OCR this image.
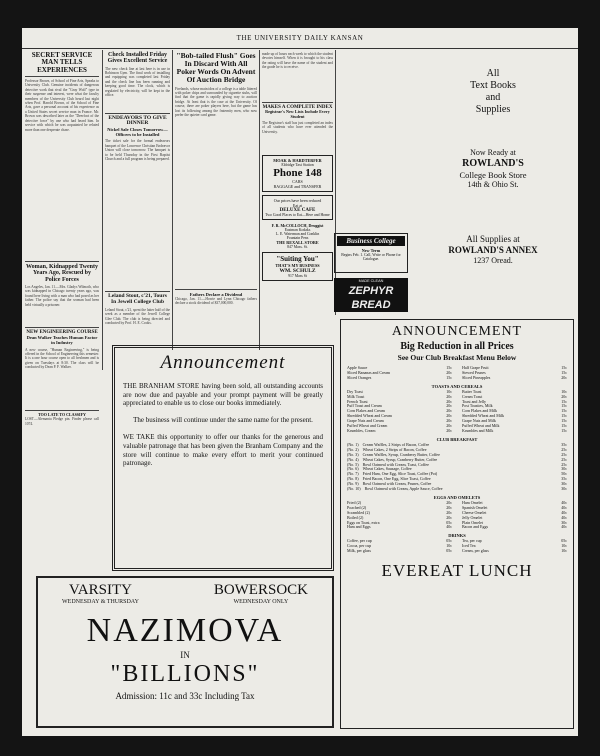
THE UNIVERSITY DAILY KANSAN
SECRET SERVICE MAN TELLS EXPERIENCES
Professor Brown, of School of Fine Arts, Speaks to University Club. Genuine incidents of dangerous detective work that rival the "Gray Wolf" type in their suspense and interest, were what the faculty members of the University Club heard last night when Prof. Harold Brown, of the School of Fine Arts, gave a personal account of his experience as a United States secret service man in France. Mr. Brown was described later as the "Deerfoot of the detective force" by one who had heard him. In service with which he was acquainted he related more than one desperate chase.
Woman, Kidnapped Twenty Years Ago, Rescued by Police Forces
Los Angeles, Jan. 11.—Mrs. Gladys Wilmoth, who was kidnapped in Chicago twenty years ago, was found here living with a man who had posed as her father. The police say that the woman had been held virtually a prisoner.
NEW ENGINEERING COURSE
Dean Walker Teaches Human Factor in Industry
A new course, "Human Engineering," is being offered in the School of Engineering this semester. It is a one hour course open to all freshmen and is given on Tuesdays at 8:30. The class will be conducted by Dean P. F. Walker.
TOO LATE TO CLASSIFY
LOST—Alemania Pledge pin. Finder please call 1074.
Check Installed Friday Gives Excellent Service
The new check line at last here is in use in Robinson Gym. The final work of installing and equipping was completed last Friday and the check line has been running and keeping good time. The clock, which is regulated by electricity, will be kept in the office.
ENDEAVORS TO GIVE DINNER
Nickel Sale Closes Tomorrow—Officers to be Installed
The ticket sale for the formal endeavors banquet of the Lawrence Christian Endeavor Union will close tomorrow. The banquet is to be held Thursday in the First Baptist Church and a full program is being prepared.
Leland Stout, c'21, Tours In Jewell College Club
Leland Stout, c'21, spent the latter half of the week as a member of the Jewell College Glee Club. The club is being directed and conducted by Prof. H. E. Cooks.
"Bob-tailed Flush" Goes In Discard With All Poker Words On Advent Of Auction Bridge
Firelands, whose main idea of a college is a table littered with poker chips and surrounded by cigarette stubs, will find that the game is rapidly giving way to auction bridge. At least that is the case at the University. Of course, there are poker players here, but the game has lost its following among the fraternity men, who now prefer the quieter card game.
Fathers Declare a Dividend
Chicago, Jan. 11.—Howie and Lynn Chicago fathers declare a stock dividend of $37,000,000.
made up of hours each week to which the student devotes himself. When it is brought to his class the rating will have the name of the student and the grade he is to receive.
MAKES A COMPLETE INDEX
Registrar's New Lists Include Every Student
The Registrar's staff has just completed an index of all students who have ever attended the University.
MOAK & HARDTERFER
Eldridge Taxi Station
Phone 148
CARS
BAGGAGE and TRANSFER
Our prices have been reduced
Eat at
DELUXE CAFE
Two Good Places to Eat—Here and Home
F. R. McCOLLOCH, Druggist
Eastman Kodaks
L. E. Waterman and Conklin
Fountain Pens
THE REXALL STORE
847 Mass. St.
"Suiting You"
THAT'S MY BUSINESS
WM. SCHULZ
917 Mass St
Business College
New Term
Begins Feb. 1. Call, Write or Phone for Catalogue.
MADE CLEAN
ZEPHYR BREAD
GOLD CLEAN
All
Text Books
and
Supplies
Now Ready at
ROWLAND'S
College Book Store
14th & Ohio St.
All Supplies at
ROWLAND'S ANNEX
1237 Oread.
Announcement
THE BRANHAM STORE having been sold, all outstanding accounts are now due and payable and your prompt payment will be greatly appreciated to enable us to close our books immediately.
The business will continue under the same name for the present.
WE TAKE this opportunity to offer our thanks for the generous and valuable patronage that has been given the Branham Company and the store will continue to make every effort to merit your continued patronage.
ANNOUNCEMENT
Big Reduction in all Prices
See Our Club Breakfast Menu Below
Apple Sauce	15c
Sliced Bananas and Cream	20c
Sliced Oranges	15c
Half Grape Fruit	15c
Stewed Prunes	15c
Sliced Pineapples	20c
TOASTS AND CEREALS
Dry Toast	10c
Milk Toast	20c
French Toast	20c
Puff Toast and Cream	20c
Corn Flakes and Cream	20c
Shredded Wheat and Cream	20c
Grape Nuts and Cream	20c
Puffed Wheat and Cream	20c
Krumbles, Cream	20c
Butter Toast	10c
Cream Toast	20c
Toast and Jelly	15c
Post Toasties, Milk	15c
Corn Flakes and Milk	15c
Shredded Wheat and Milk	15c
Grape Nuts and Milk	15c
Puffed Wheat and Milk	15c
Krumbles and Milk	15c
CLUB BREAKFAST
(No. 1)	Cream Waffles, 2 Strips of Bacon, Coffee	35c
(No. 2)	Wheat Cakes, 2 Strips of Bacon, Coffee	25c
(No. 3)	Cream Waffles, Syrup, Cranberry Butter, Coffee	25c
(No. 4)	Wheat Cakes, Syrup, Cranberry Butter, Coffee	25c
(No. 5)	Bowl Oatmeal with Cream, Toast, Coffee	25c
(No. 6)	Wheat Cakes, Sausage, Coffee	30c
(No. 7)	Fried Ham, One Egg, Slice Toast, Coffee (Pot)	50c
(No. 8)	Fried Bacon, One Egg, Slice Toast, Coffee	35c
(No. 9)	Bowl Oatmeal with Cream, Prunes, Coffee	30c
(No. 10)	Bowl Oatmeal with Cream, Apple Sauce, Coffee	30c
EGGS AND OMELETS
Fried (2)	20c
Poached (2)	20c
Scrambled (2)	20c
Boiled (2)	20c
Eggs on Toast, extra	05c
Ham and Eggs	40c
Ham Omelet	40c
Spanish Omelet	40c
Cheese Omelet	40c
Jelly Omelet	40c
Plain Omelet	30c
Bacon and Eggs	40c
DRINKS
Coffee, per cup	05c
Cocoa, per cup	10c
Milk, per glass	05c
Tea, per cup	05c
Iced Tea	10c
Cream, per glass	10c
EVEREAT LUNCH
VARSITY
WEDNESDAY & THURSDAY
BOWERSOCK
WEDNESDAY ONLY
NAZIMOVA
IN
"BILLIONS"
Admission: 11c and 33c Including Tax
